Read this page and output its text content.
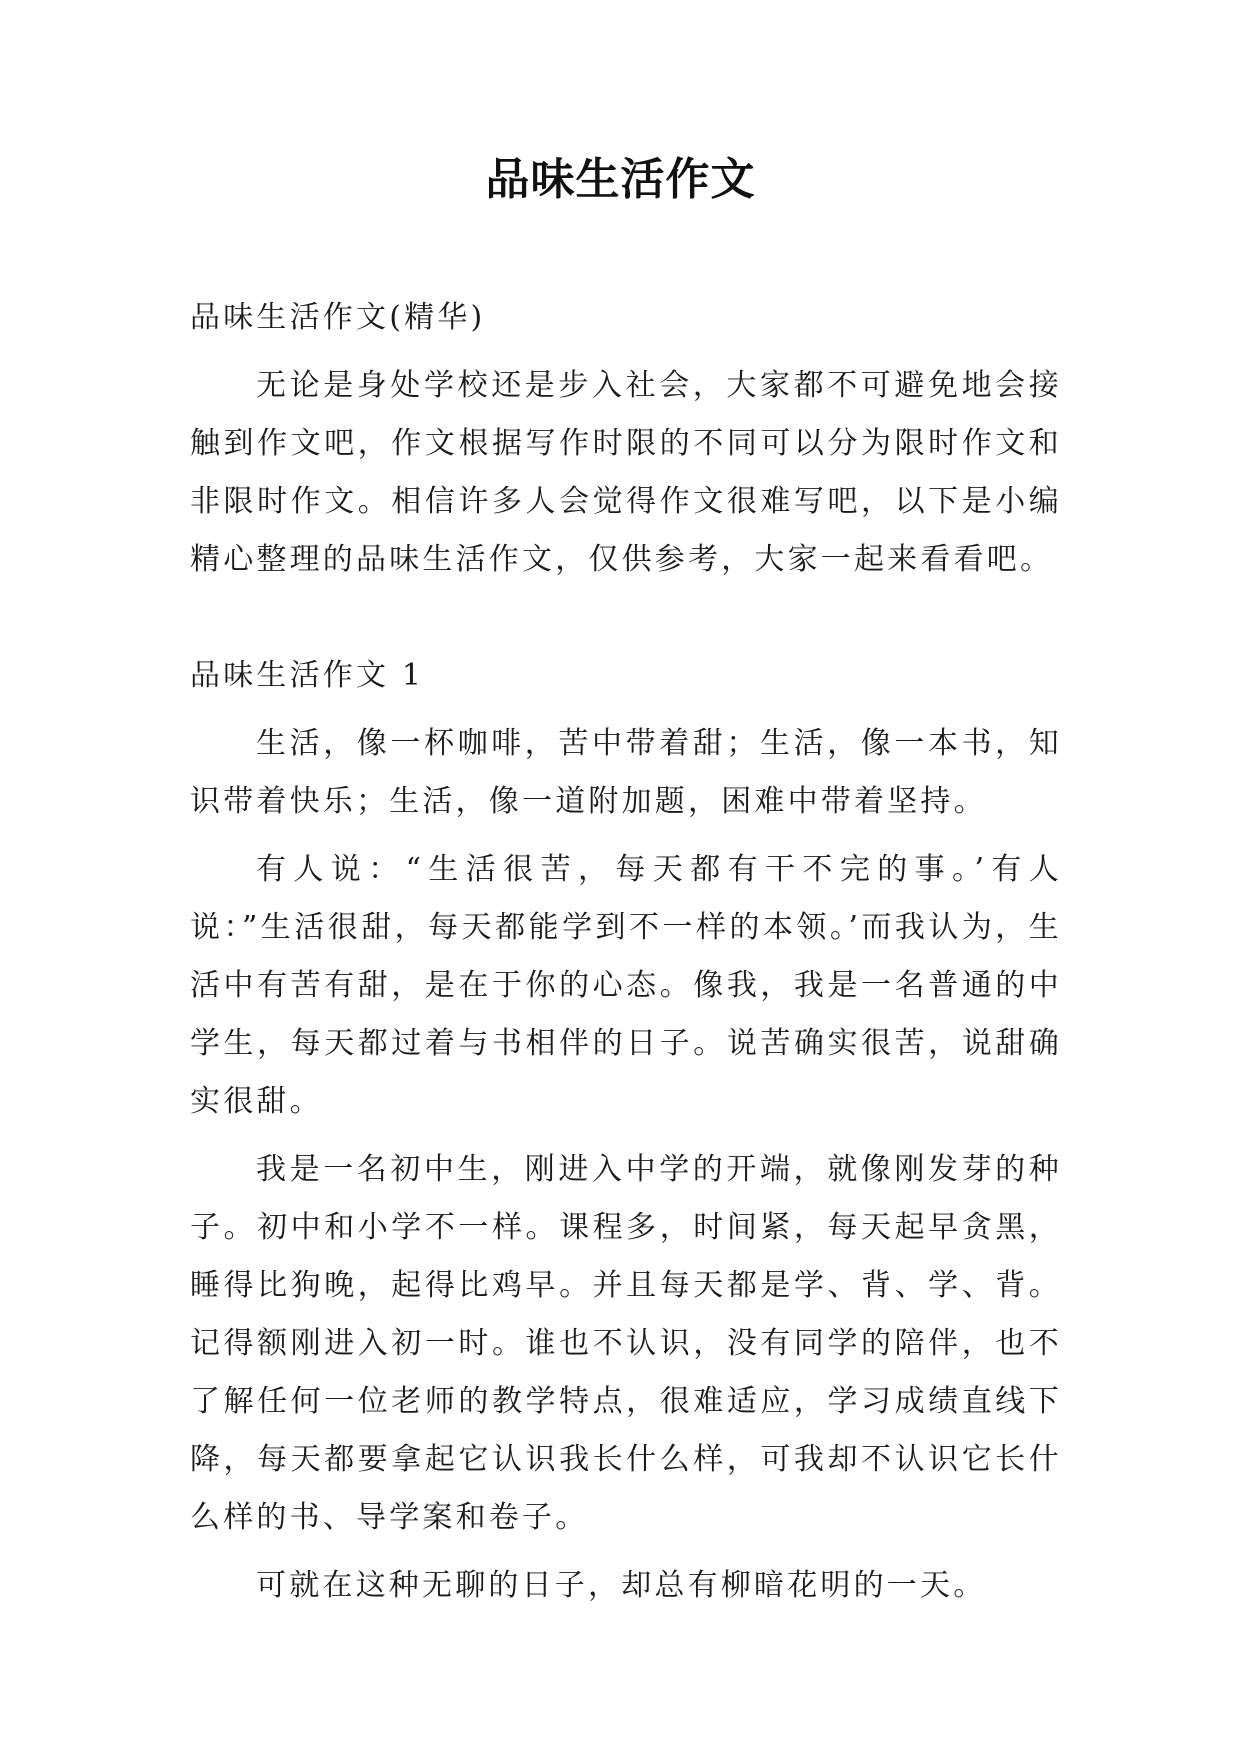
品味生活作文

品味生活作文(精华)

无论是身处学校还是步入社会，大家都不可避免地会接触到作文吧，作文根据写作时限的不同可以分为限时作文和非限时作文。相信许多人会觉得作文很难写吧，以下是小编精心整理的品味生活作文，仅供参考，大家一起来看看吧。

品味生活作文 1

生活，像一杯咖啡，苦中带着甜；生活，像一本书，知识带着快乐；生活，像一道附加题，困难中带着坚持。

有人说：“生活很苦，每天都有干不完的事。’有人说：”生活很甜，每天都能学到不一样的本领。’而我认为，生活中有苦有甜，是在于你的心态。像我，我是一名普通的中学生，每天都过着与书相伴的日子。说苦确实很苦，说甜确实很甜。

我是一名初中生，刚进入中学的开端，就像刚发芽的种子。初中和小学不一样。课程多，时间紧，每天起早贪黑，睡得比狗晚，起得比鸡早。并且每天都是学、背、学、背。记得额刚进入初一时。谁也不认识，没有同学的陪伴，也不了解任何一位老师的教学特点，很难适应，学习成绩直线下降，每天都要拿起它认识我长什么样，可我却不认识它长什么样的书、导学案和卷子。

可就在这种无聊的日子，却总有柳暗花明的一天。
